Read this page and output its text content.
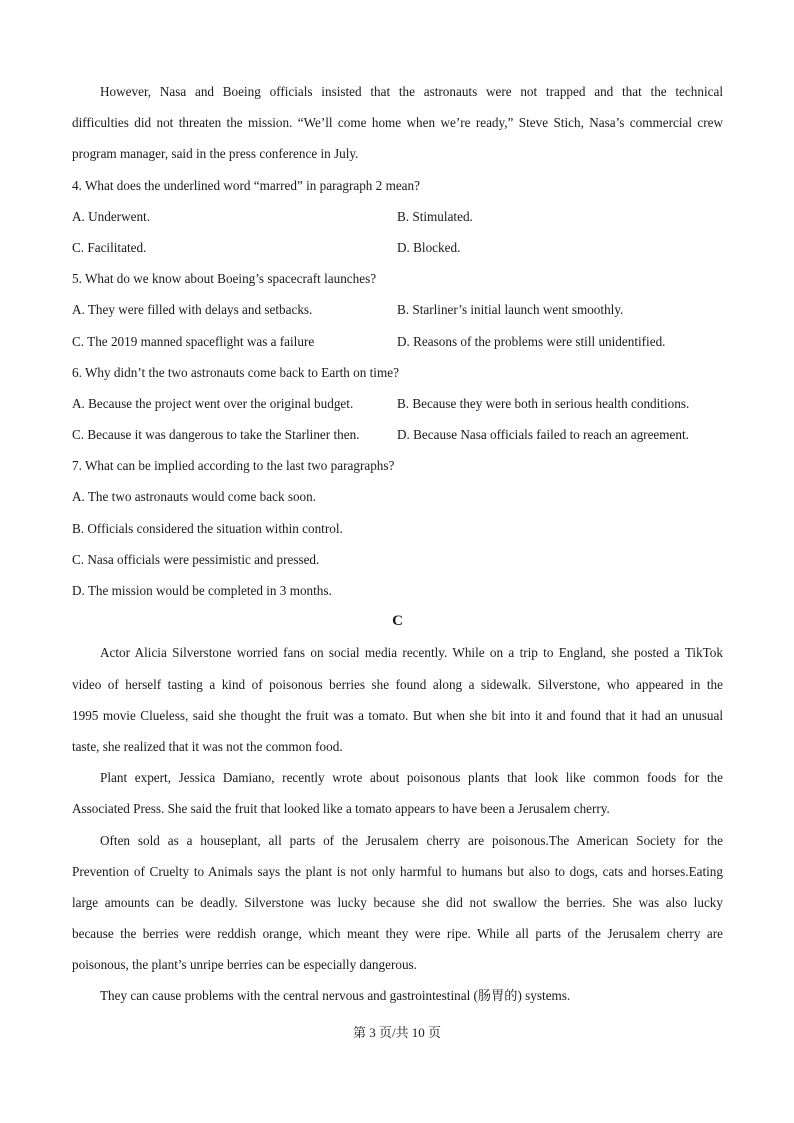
However, Nasa and Boeing officials insisted that the astronauts were not trapped and that the technical
difficulties did not threaten the mission. “We’ll come home when we’re ready,” Steve Stich, Nasa’s commercial crew
program manager, said in the press conference in July.
4. What does the underlined word “marred” in paragraph 2 mean?
A. Underwent.	B. Stimulated.
C. Facilitated.	D. Blocked.
5. What do we know about Boeing’s spacecraft launches?
A. They were filled with delays and setbacks.	B. Starliner’s initial launch went smoothly.
C. The 2019 manned spaceflight was a failure	D. Reasons of the problems were still unidentified.
6. Why didn’t the two astronauts come back to Earth on time?
A. Because the project went over the original budget.	B. Because they were both in serious health conditions.
C. Because it was dangerous to take the Starliner then.	D. Because Nasa officials failed to reach an agreement.
7. What can be implied according to the last two paragraphs?
A. The two astronauts would come back soon.
B. Officials considered the situation within control.
C. Nasa officials were pessimistic and pressed.
D. The mission would be completed in 3 months.
C
Actor Alicia Silverstone worried fans on social media recently. While on a trip to England, she posted a TikTok
video of herself tasting a kind of poisonous berries she found along a sidewalk. Silverstone, who appeared in the
1995 movie Clueless, said she thought the fruit was a tomato. But when she bit into it and found that it had an unusual
taste, she realized that it was not the common food.
Plant expert, Jessica Damiano, recently wrote about poisonous plants that look like common foods for the
Associated Press. She said the fruit that looked like a tomato appears to have been a Jerusalem cherry.
Often sold as a houseplant, all parts of the Jerusalem cherry are poisonous.The American Society for the
Prevention of Cruelty to Animals says the plant is not only harmful to humans but also to dogs, cats and horses.Eating
large amounts can be deadly. Silverstone was lucky because she did not swallow the berries. She was also lucky
because the berries were reddish orange, which meant they were ripe. While all parts of the Jerusalem cherry are
poisonous, the plant’s unripe berries can be especially dangerous.
They can cause problems with the central nervous and gastrointestinal (肠胃的) systems.
第 3 页/共 10 页
